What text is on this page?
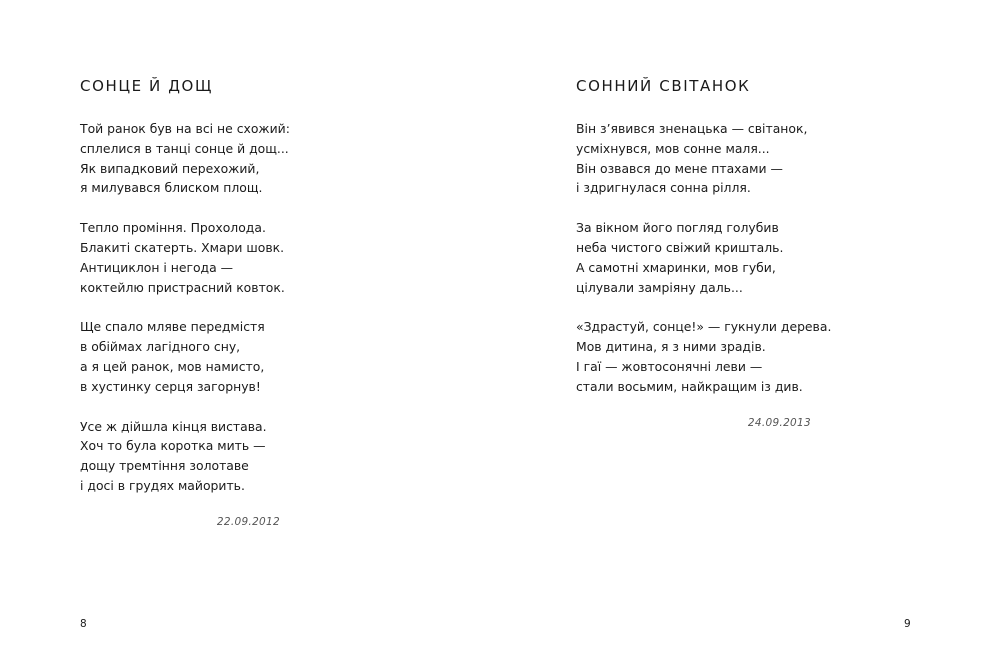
СОНЦЕ Й ДОЩ
Той ранок був на всі не схожий:
сплелися в танці сонце й дощ...
Як випадковий перехожий,
я милувався блиском площ.
Тепло проміння. Прохолода.
Блакиті скатерть. Хмари шовк.
Антициклон і негода —
коктейлю пристрасний ковток.
Ще спало мляве передмістя
в обіймах лагідного сну,
а я цей ранок, мов намисто,
в хустинку серця загорнув!
Усе ж дійшла кінця вистава.
Хоч то була коротка мить —
дощу тремтіння золотаве
і досі в грудях майорить.
22.09.2012
8
СОННИЙ СВІТАНОК
Він з’явився зненацька — світанок,
усміхнувся, мов сонне маля...
Він озвався до мене птахами —
і здригнулася сонна рілля.
За вікном його погляд голубив
неба чистого свіжий кришталь.
А самотні хмаринки, мов губи,
цілували замріяну даль...
«Здрастуй, сонце!» — гукнули дерева.
Мов дитина, я з ними зрадів.
І гаї — жовтосонячні леви —
стали восьмим, найкращим із див.
24.09.2013
9
